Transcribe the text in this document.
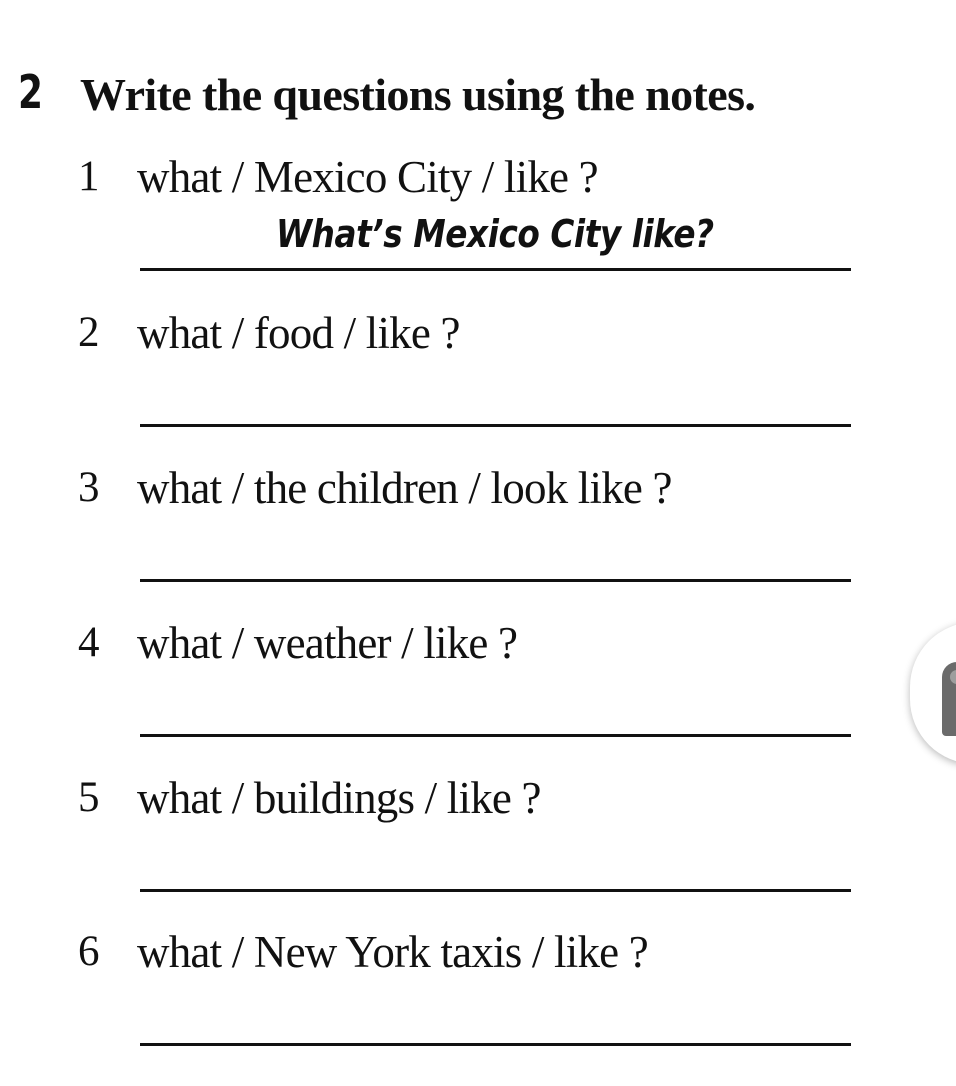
2 Write the questions using the notes.
1 what / Mexico City / like ?
What’s Mexico City like?
2 what / food / like ?
3 what / the children / look like ?
4 what / weather / like ?
5 what / buildings / like ?
6 what / New York taxis / like ?
